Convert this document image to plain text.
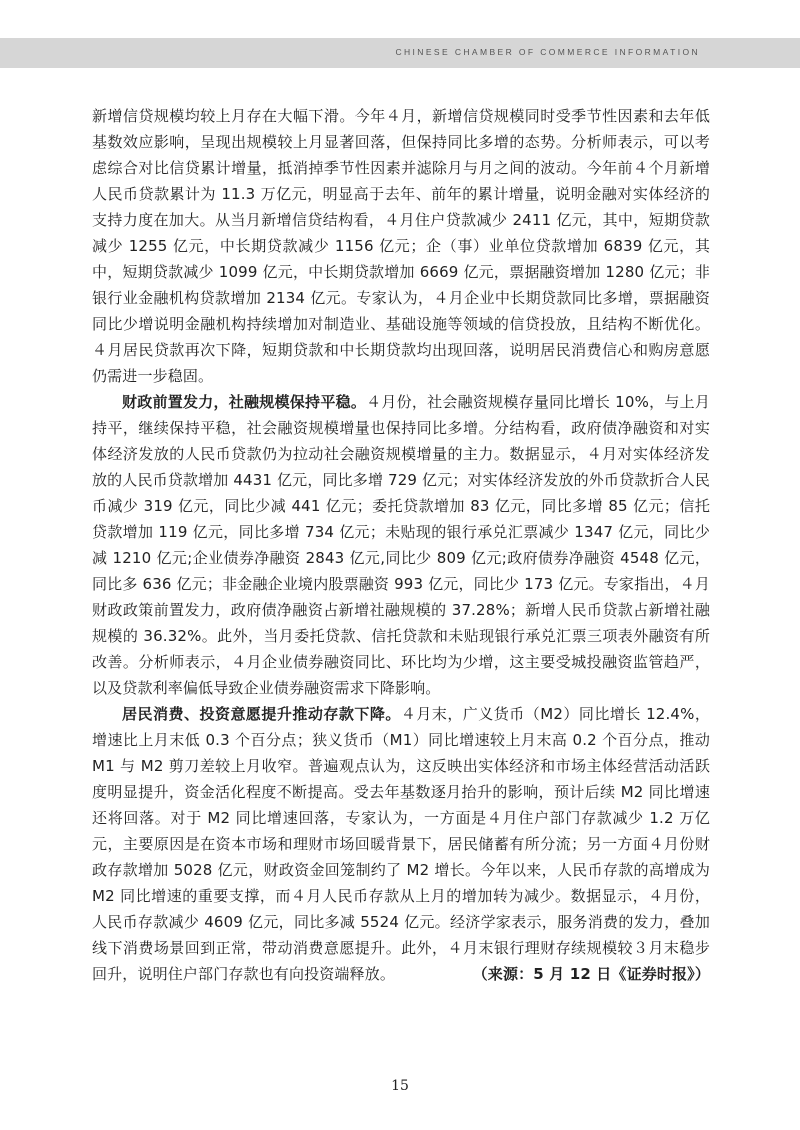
CHINESE CHAMBER OF COMMERCE INFORMATION

新增信贷规模均较上月存在大幅下滑。今年４月，新增信贷规模同时受季节性因素和去年低基数效应影响，呈现出规模较上月显著回落，但保持同比多增的态势。分析师表示，可以考虑综合对比信贷累计增量，抵消掉季节性因素并滤除月与月之间的波动。今年前４个月新增人民币贷款累计为 11.3 万亿元，明显高于去年、前年的累计增量，说明金融对实体经济的支持力度在加大。从当月新增信贷结构看，４月住户贷款减少 2411 亿元，其中，短期贷款减少 1255 亿元，中长期贷款减少 1156 亿元；企（事）业单位贷款增加 6839 亿元，其中，短期贷款减少 1099 亿元，中长期贷款增加 6669 亿元，票据融资增加 1280 亿元；非银行业金融机构贷款增加 2134 亿元。专家认为，４月企业中长期贷款同比多增，票据融资同比少增说明金融机构持续增加对制造业、基础设施等领域的信贷投放，且结构不断优化。４月居民贷款再次下降，短期贷款和中长期贷款均出现回落，说明居民消费信心和购房意愿仍需进一步稳固。

财政前置发力，社融规模保持平稳。４月份，社会融资规模存量同比增长 10%，与上月持平，继续保持平稳，社会融资规模增量也保持同比多增。分结构看，政府债净融资和对实体经济发放的人民币贷款仍为拉动社会融资规模增量的主力。数据显示，４月对实体经济发放的人民币贷款增加 4431 亿元，同比多增 729 亿元；对实体经济发放的外币贷款折合人民币减少 319 亿元，同比少减 441 亿元；委托贷款增加 83 亿元，同比多增 85 亿元；信托贷款增加 119 亿元，同比多增 734 亿元；未贴现的银行承兑汇票减少 1347 亿元，同比少减 1210 亿元;企业债券净融资 2843 亿元,同比少 809 亿元;政府债券净融资 4548 亿元，同比多 636 亿元；非金融企业境内股票融资 993 亿元，同比少 173 亿元。专家指出，４月财政政策前置发力，政府债净融资占新增社融规模的 37.28%；新增人民币贷款占新增社融规模的 36.32%。此外，当月委托贷款、信托贷款和未贴现银行承兑汇票三项表外融资有所改善。分析师表示，４月企业债券融资同比、环比均为少增，这主要受城投融资监管趋严，以及贷款利率偏低导致企业债券融资需求下降影响。

居民消费、投资意愿提升推动存款下降。４月末，广义货币（M2）同比增长 12.4%，增速比上月末低 0.3 个百分点；狭义货币（M1）同比增速较上月末高 0.2 个百分点，推动 M1 与 M2 剪刀差较上月收窄。普遍观点认为，这反映出实体经济和市场主体经营活动活跃度明显提升，资金活化程度不断提高。受去年基数逐月抬升的影响，预计后续 M2 同比增速还将回落。对于 M2 同比增速回落，专家认为，一方面是４月住户部门存款减少 1.2 万亿元，主要原因是在资本市场和理财市场回暖背景下，居民储蓄有所分流；另一方面４月份财政存款增加 5028 亿元，财政资金回笼制约了 M2 增长。今年以来，人民币存款的高增成为 M2 同比增速的重要支撑，而４月人民币存款从上月的增加转为减少。数据显示，４月份，人民币存款减少 4609 亿元，同比多减 5524 亿元。经济学家表示，服务消费的发力，叠加线下消费场景回到正常，带动消费意愿提升。此外，４月末银行理财存续规模较３月末稳步回升，说明住户部门存款也有向投资端释放。	（来源：5 月 12 日《证券时报》）

15
